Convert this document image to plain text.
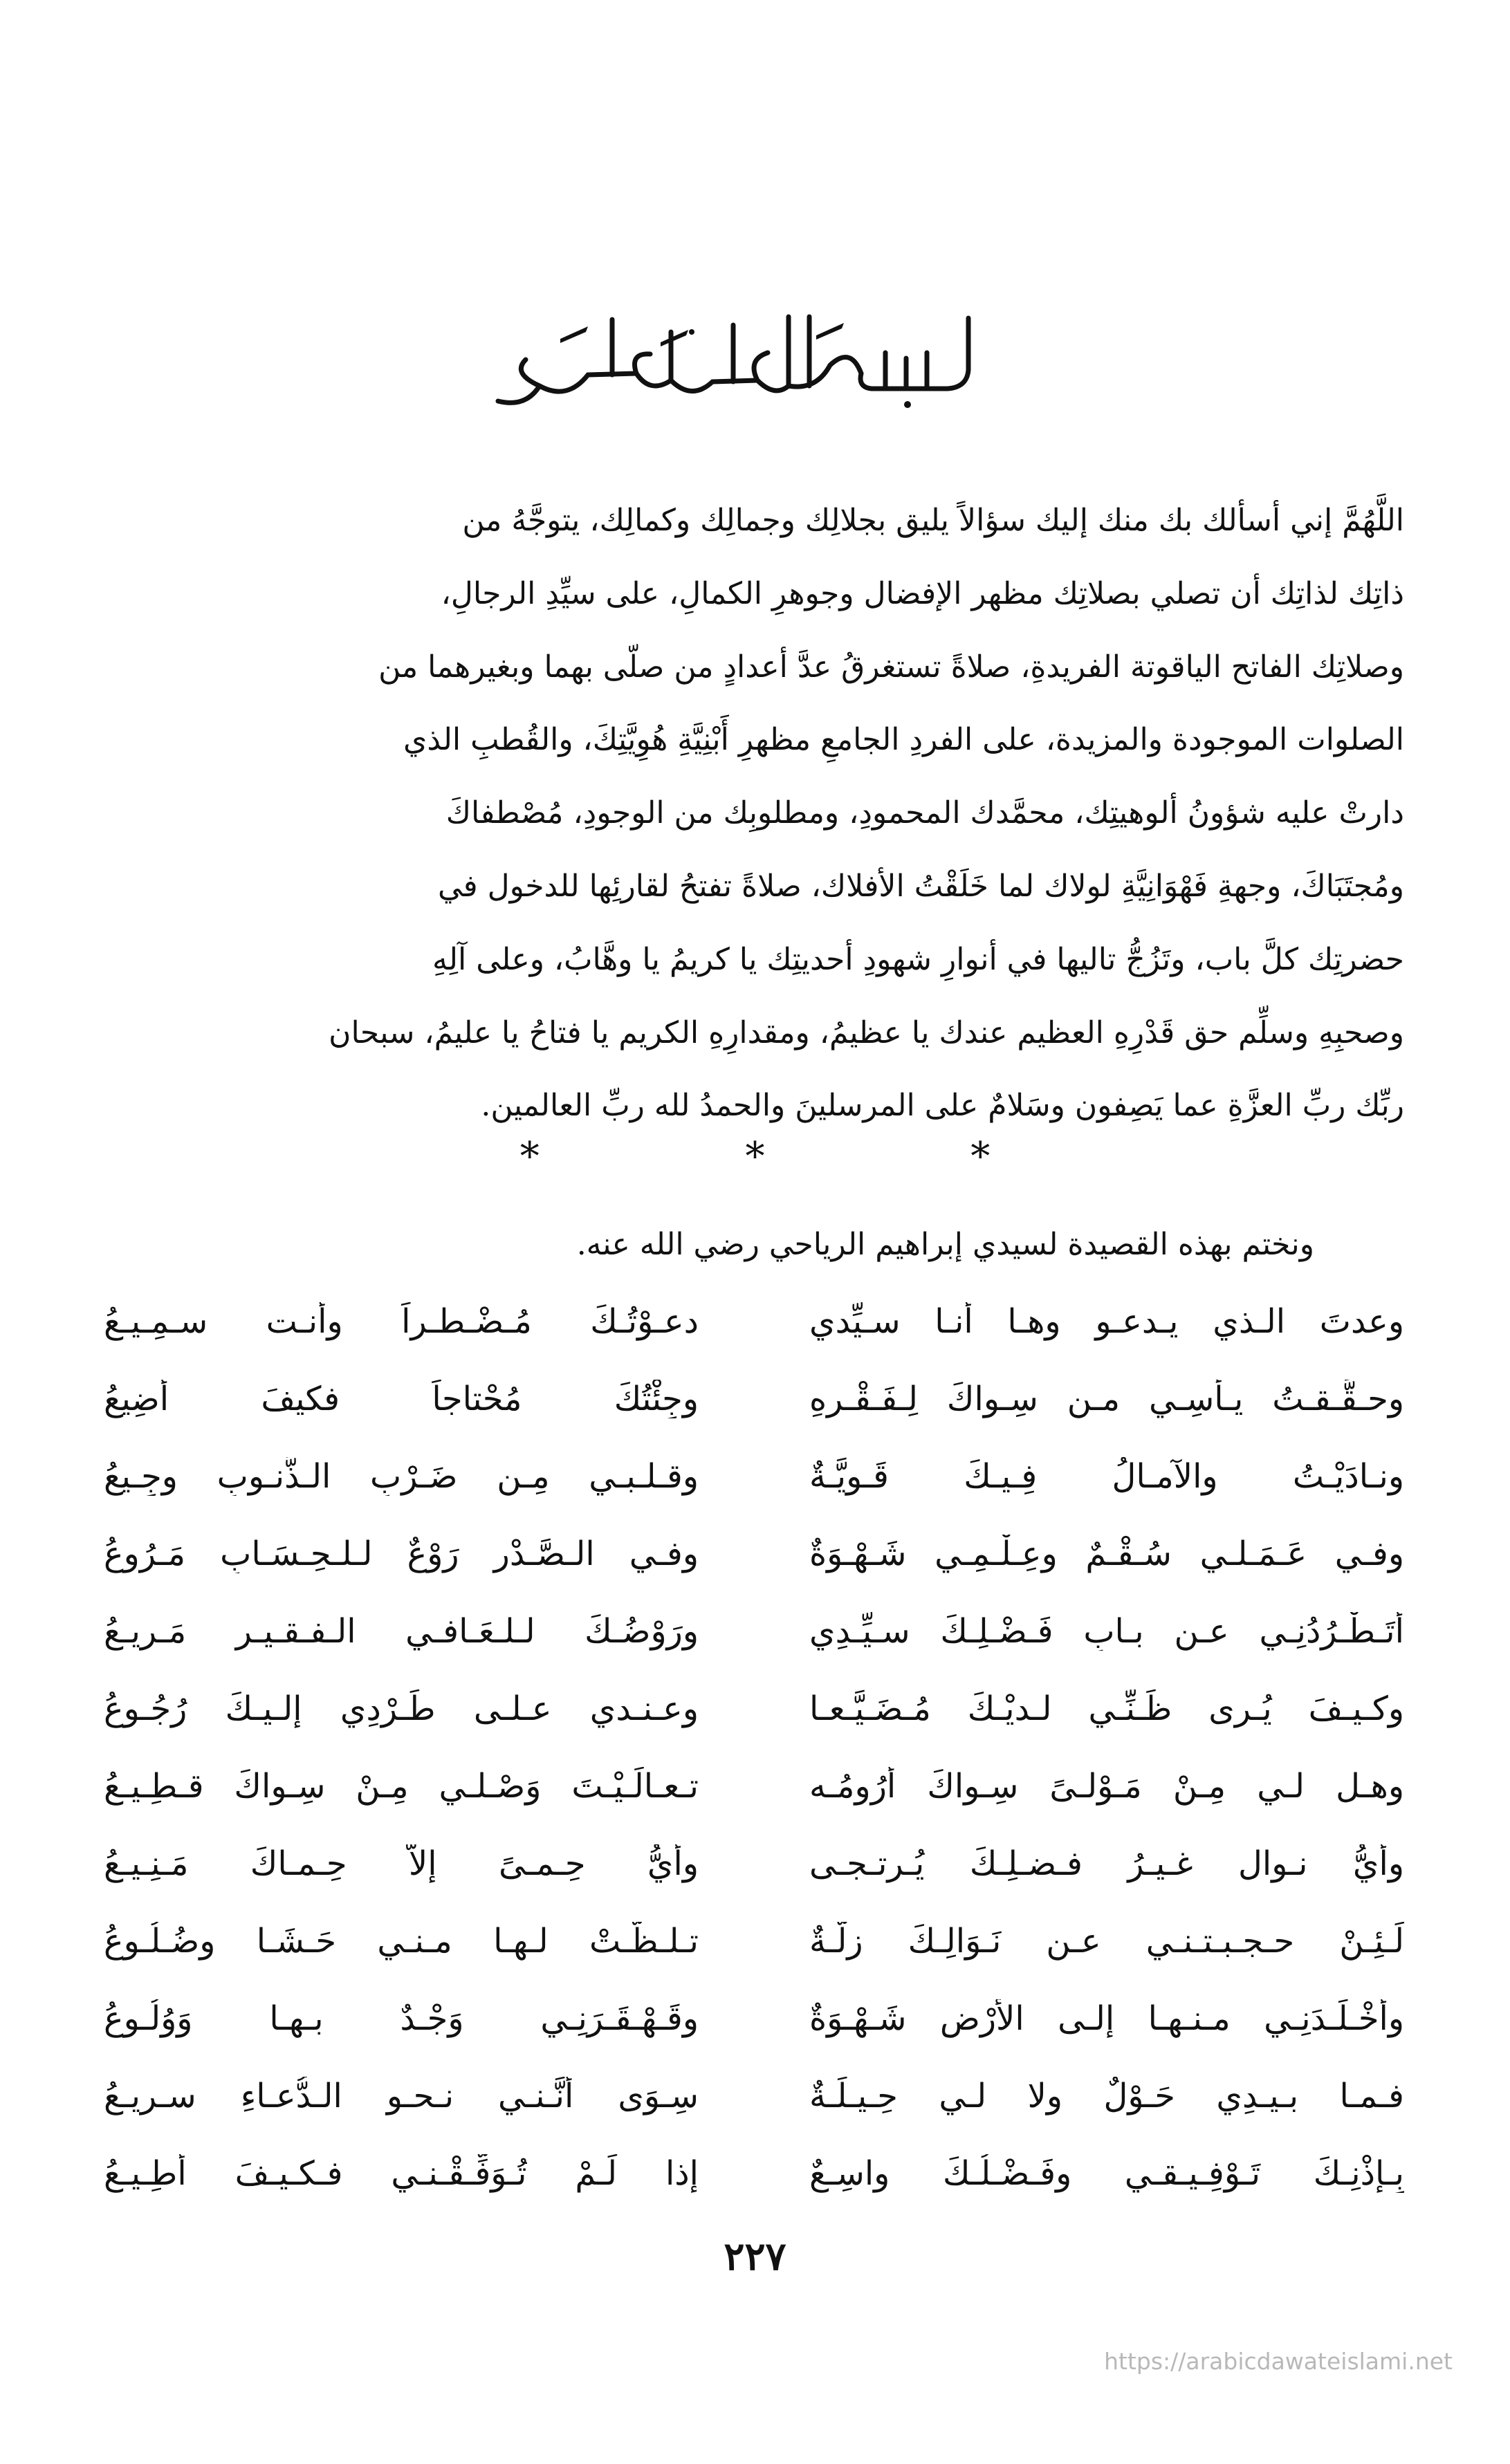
اللَّهُمَّ إني أسألك بك منك إليك سؤالاً يليق بجلالِك وجمالِك وكمالِك، يتوجَّهُ من

ذاتِك لذاتِك أن تصلي بصلاتِك مظهر الإفضال وجوهرِ الكمالِ، على سيِّدِ الرجالِ،

وصلاتِك الفاتح الياقوتة الفريدةِ، صلاةً تستغرقُ عدَّ أعدادٍ من صلّى بهما وبغيرهما من

الصلوات الموجودة والمزيدة، على الفردِ الجامعِ مظهرِ أَبْنِيَّةِ هُوِيَّتِكَ، والقُطبِ الذي

دارتْ عليه شؤونُ ألوهيتِك، محمَّدك المحمودِ، ومطلوبِك من الوجودِ، مُصْطفاكَ

ومُجتَبَاكَ، وجهةِ فَهْوَانِيَّةِ لولاك لما خَلَقْتُ الأفلاك، صلاةً تفتحُ لقارئِها للدخول في

حضرتِك كلَّ باب، وتَزُجُّ تاليها في أنوارِ شهودِ أحديتِك يا كريمُ يا وهَّابُ، وعلى آلِهِ

وصحبِهِ وسلِّم حق قَدْرِهِ العظيم عندك يا عظيمُ، ومقدارِهِ الكريم يا فتاحُ يا عليمُ، سبحان

ربِّك ربِّ العزَّةِ عما يَصِفون وسَلامٌ على المرسلينَ والحمدُ لله ربِّ العالمين.

* * *
ونختم بهذه القصيدة لسيدي إبراهيم الرياحي رضي الله عنه.
وعدتَ الـذي يـدعـو وهـا أنـا سـيِّدي
دعـوْتُـكَ مُـضْـطـراً وأنـت سـمِـيـعُ
وحـقَّـقـتُ يـأسِـي مـن سِـواكَ لِـفَـقْـرهِ
وجِئْتُكَ مُحْتاجاً فكيفَ أضِيعُ
ونـادَيْـتُ والآمـالُ فِـيـكَ قَـوِيَّـةٌ
وقـلـبـي مِـن ضَـرْبِ الـذُّنـوبِ وجِـيعُ
وفـي عَـمَـلـي سُـقْـمٌ وعِـلْـمِـي شَـهْـوَةٌ
وفـي الـصَّـدْرِ رَوْعٌ لـلـحِـسَـابِ مَـرُوعُ
أتَـطْـرُدُنِـي عـن بـابِ فَـضْـلِـكَ سـيِّـدِي
ورَوْضُـكَ لـلـعَـافـي الـفـقـيـرِ مَـرِيـعُ
وكـيـفَ يُـرى ظَـنِّـي لـديْـكَ مُـضَـيَّـعـا
وعـنـدي عـلـى طَـرْدِي إلـيـكَ رُجُـوعُ
وهـل لـي مِـنْ مَـوْلـىً سِـواكَ أرُومُـه
تـعـالَـيْـتَ وَصْـلـي مِـنْ سِـواكَ قـطِـيـعُ
وأيُّ نـوال غـيـرُ فـضـلِـكَ يُـرتـجـى
وأيُّ حِـمـىً إلاّ حِـمـاكَ مَـنِـيـعُ
لَـئِـنْ حـجـبـتـنـي عـن نَـوَالِـكَ زلَّـةٌ
تـلـظَّـتْ لـهـا مـنـي حَـشَـا وضُـلُـوعُ
وأخْـلَـدَنِـي مـنـهـا إلـى الأرْضِ شَـهْـوَةٌ
وقَـهْـقَـرَنِـي وَجْـدٌ بـهـا وَوُلُـوعُ
فـمـا بـيـدِي حَـوْلٌ ولا لـي حِـيـلَـةٌ
سِـوَى أنَّـنـي نـحـو الـدُّعـاءِ سـرِيـعُ
بِـإذْنِـكَ تَـوْفِـيـقـي وفَـضْـلُـكَ واسِـعٌ
إذا لَـمْ تُـوَفِّـقْـنـي فـكـيـفَ أُطِـيـعُ
٢٢٧
https://arabicdawateislami.net
